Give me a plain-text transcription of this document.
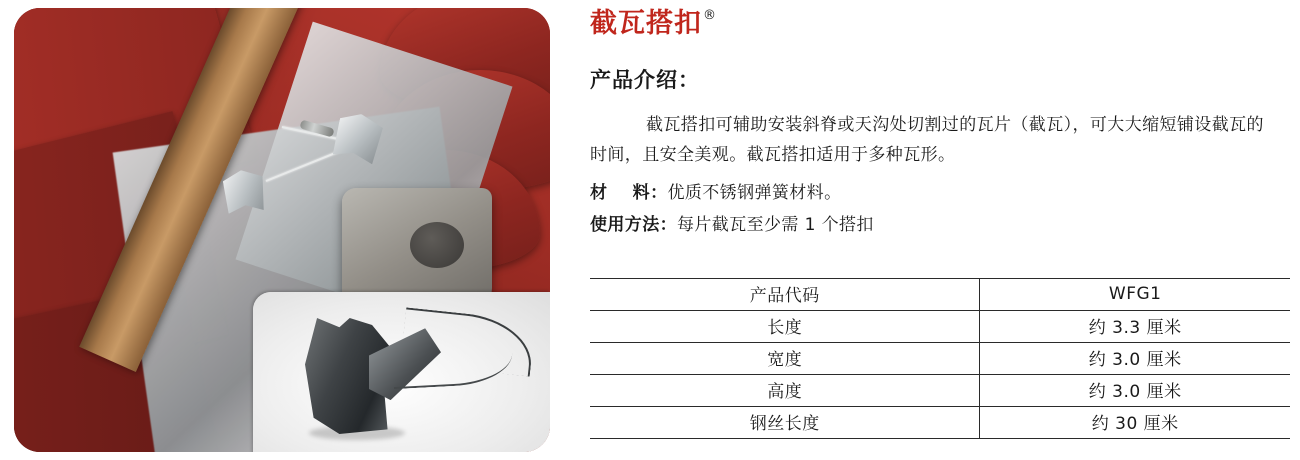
截瓦搭扣 ®
产品介绍：
截瓦搭扣可辅助安装斜脊或天沟处切割过的瓦片（截瓦），可大大缩短铺设截瓦的时间，且安全美观。截瓦搭扣适用于多种瓦形。
材    料： 优质不锈钢弹簧材料。
使用方法： 每片截瓦至少需 1 个搭扣
产品代码	WFG1
长度	约 3.3 厘米
宽度	约 3.0 厘米
高度	约 3.0 厘米
钢丝长度	约 30 厘米
